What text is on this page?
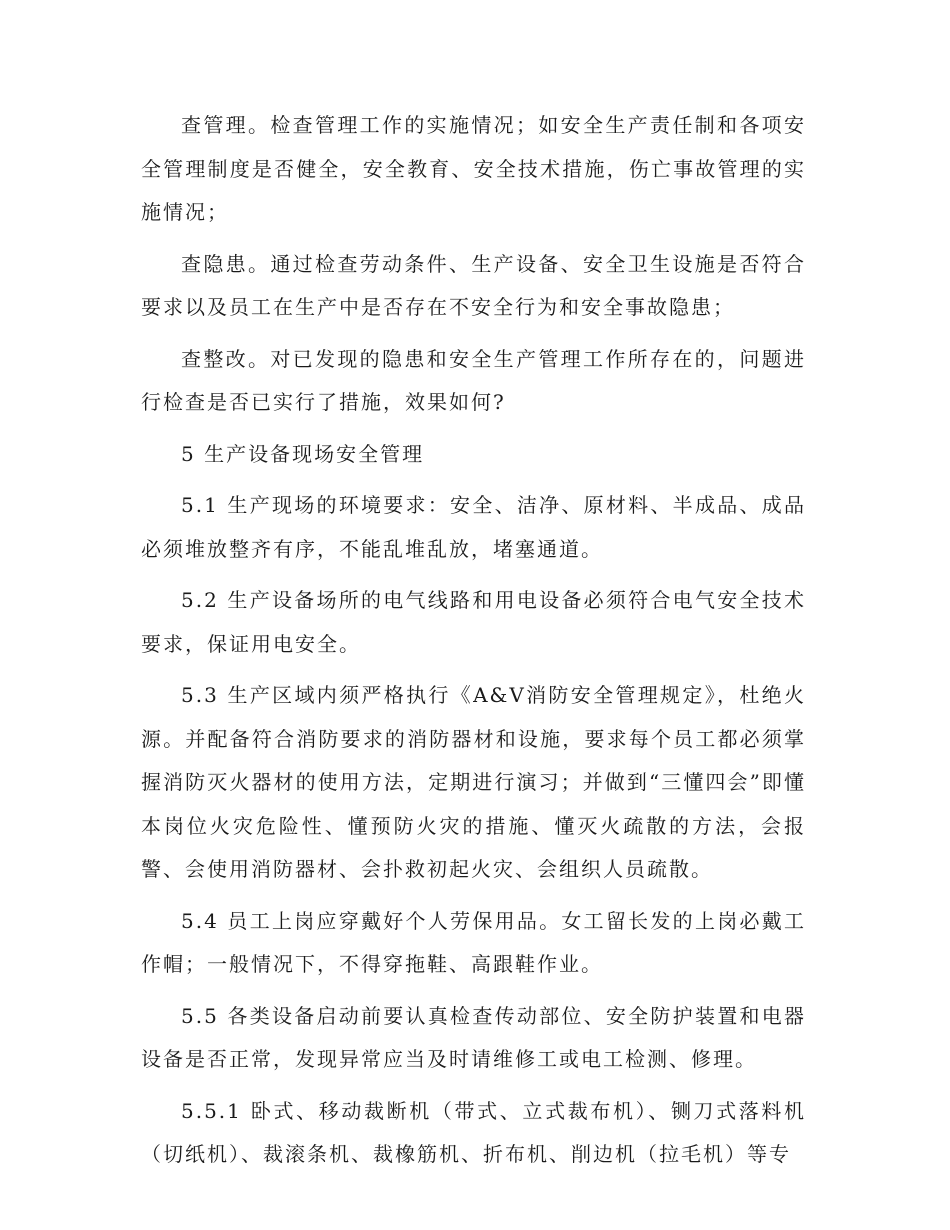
查管理。检查管理工作的实施情况；如安全生产责任制和各项安全管理制度是否健全，安全教育、安全技术措施，伤亡事故管理的实施情况；

查隐患。通过检查劳动条件、生产设备、安全卫生设施是否符合要求以及员工在生产中是否存在不安全行为和安全事故隐患；

查整改。对已发现的隐患和安全生产管理工作所存在的，问题进行检查是否已实行了措施，效果如何?

5 生产设备现场安全管理

5.1 生产现场的环境要求：安全、洁净、原材料、半成品、成品必须堆放整齐有序，不能乱堆乱放，堵塞通道。

5.2 生产设备场所的电气线路和用电设备必须符合电气安全技术要求，保证用电安全。

5.3 生产区域内须严格执行《A&V消防安全管理规定》，杜绝火源。并配备符合消防要求的消防器材和设施，要求每个员工都必须掌握消防灭火器材的使用方法，定期进行演习；并做到“三懂四会”即懂本岗位火灾危险性、懂预防火灾的措施、懂灭火疏散的方法，会报警、会使用消防器材、会扑救初起火灾、会组织人员疏散。

5.4 员工上岗应穿戴好个人劳保用品。女工留长发的上岗必戴工作帽；一般情况下，不得穿拖鞋、高跟鞋作业。

5.5 各类设备启动前要认真检查传动部位、安全防护装置和电器设备是否正常，发现异常应当及时请维修工或电工检测、修理。

5.5.1 卧式、移动裁断机（带式、立式裁布机）、铡刀式落料机（切纸机）、裁滚条机、裁橡筋机、折布机、削边机（拉毛机）等专
